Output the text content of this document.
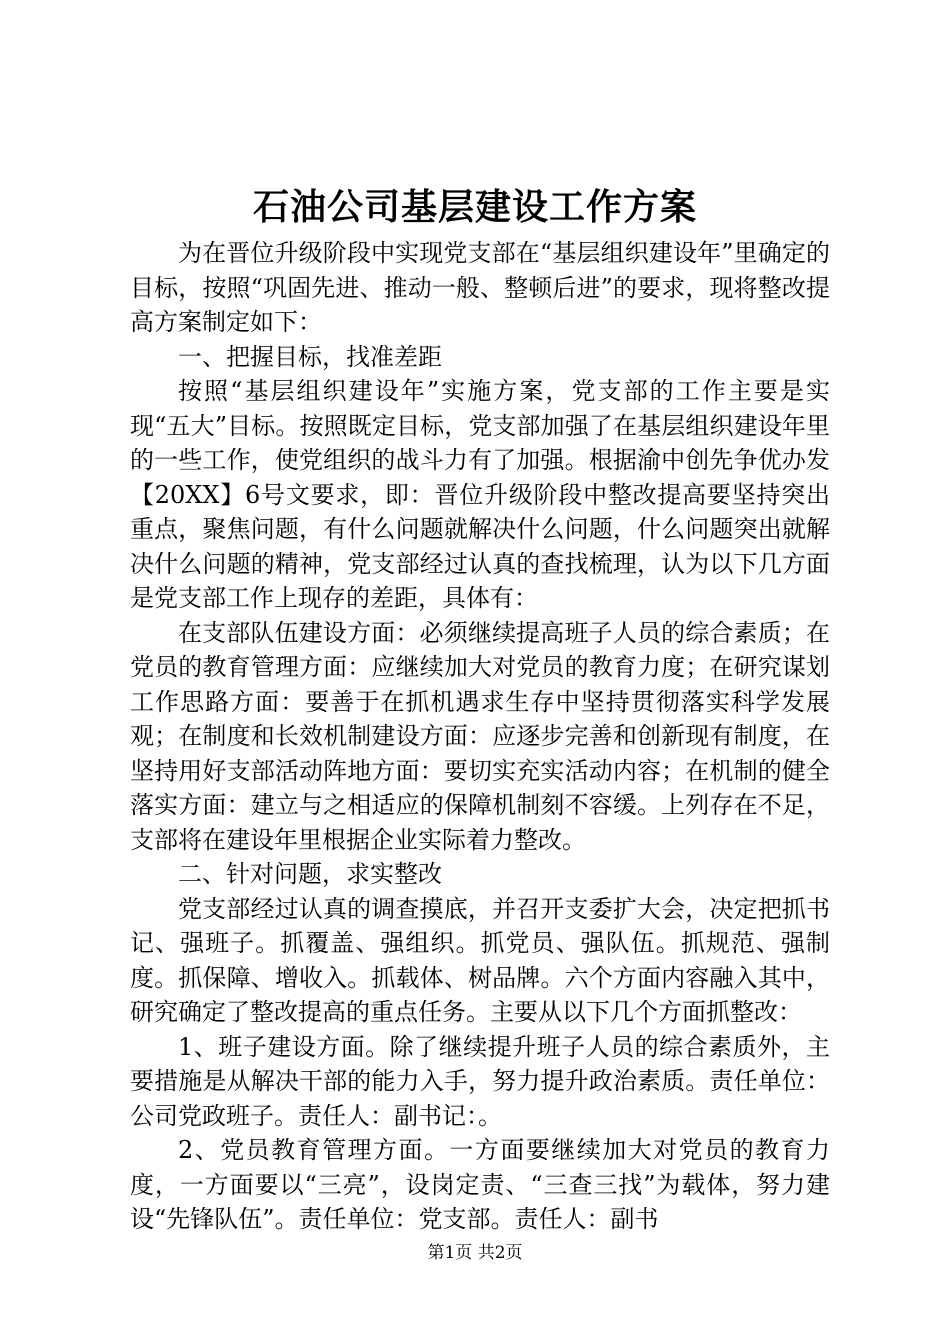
石油公司基层建设工作方案

为在晋位升级阶段中实现党支部在“基层组织建设年”里确定的目标，按照“巩固先进、推动一般、整顿后进”的要求，现将整改提高方案制定如下：

一、把握目标，找准差距

按照“基层组织建设年”实施方案，党支部的工作主要是实现“五大”目标。按照既定目标，党支部加强了在基层组织建设年里的一些工作，使党组织的战斗力有了加强。根据渝中创先争优办发【20XX】6号文要求，即：晋位升级阶段中整改提高要坚持突出重点，聚焦问题，有什么问题就解决什么问题，什么问题突出就解决什么问题的精神，党支部经过认真的查找梳理，认为以下几方面是党支部工作上现存的差距，具体有：

在支部队伍建设方面：必须继续提高班子人员的综合素质；在党员的教育管理方面：应继续加大对党员的教育力度；在研究谋划工作思路方面：要善于在抓机遇求生存中坚持贯彻落实科学发展观；在制度和长效机制建设方面：应逐步完善和创新现有制度，在坚持用好支部活动阵地方面：要切实充实活动内容；在机制的健全落实方面：建立与之相适应的保障机制刻不容缓。上列存在不足，支部将在建设年里根据企业实际着力整改。

二、针对问题，求实整改

党支部经过认真的调查摸底，并召开支委扩大会，决定把抓书记、强班子。抓覆盖、强组织。抓党员、强队伍。抓规范、强制度。抓保障、增收入。抓载体、树品牌。六个方面内容融入其中，研究确定了整改提高的重点任务。主要从以下几个方面抓整改：

1、班子建设方面。除了继续提升班子人员的综合素质外，主要措施是从解决干部的能力入手，努力提升政治素质。责任单位：公司党政班子。责任人：副书记：。

2、党员教育管理方面。一方面要继续加大对党员的教育力度，一方面要以“三亮”，设岗定责、“三查三找”为载体，努力建设“先锋队伍”。责任单位：党支部。责任人：副书

第1页 共2页
